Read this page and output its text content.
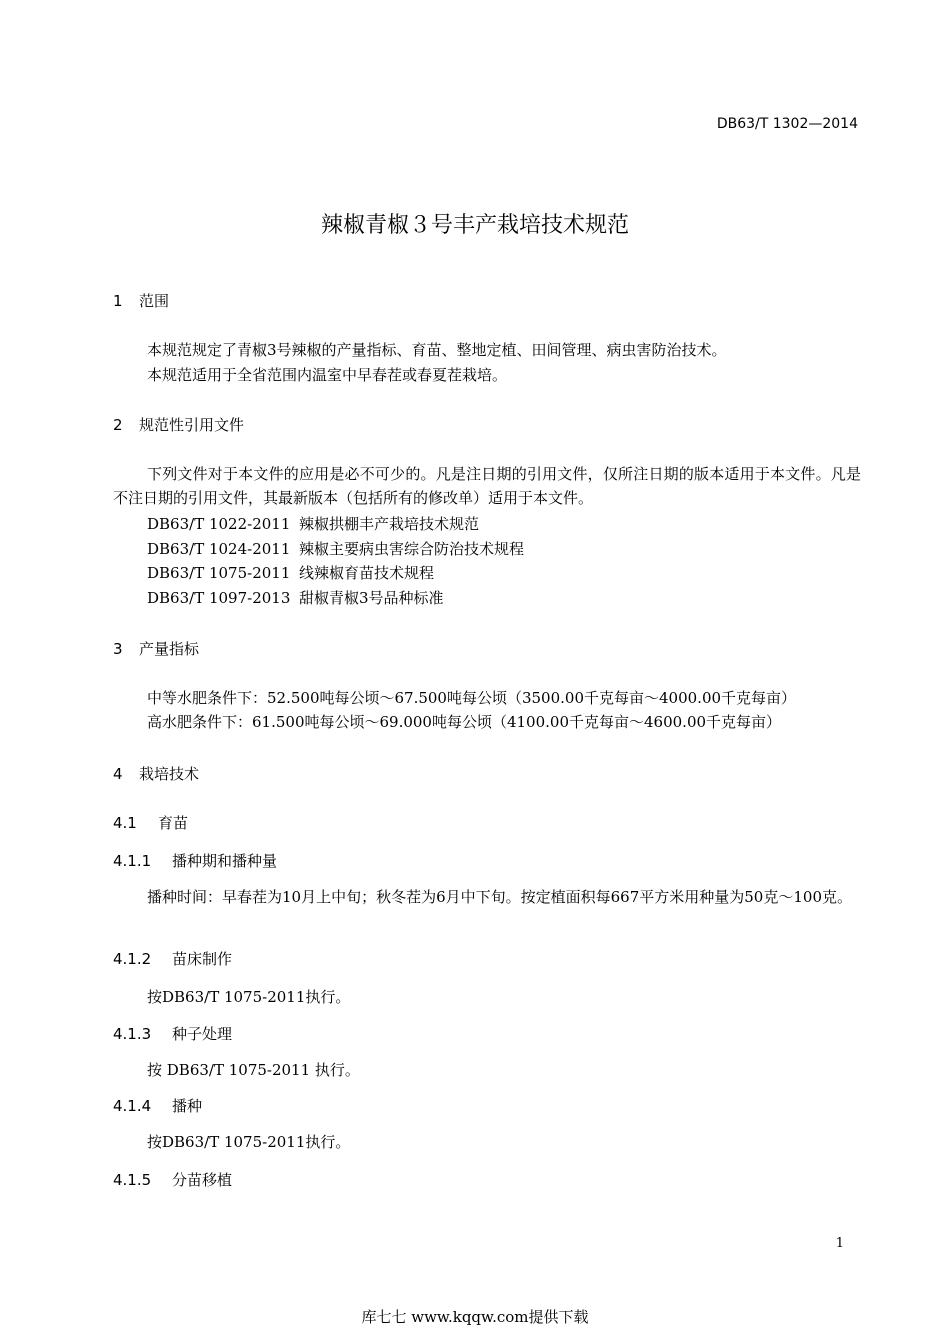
DB63/T 1302—2014
辣椒青椒３号丰产栽培技术规范
1 范围
本规范规定了青椒3号辣椒的产量指标、育苗、整地定植、田间管理、病虫害防治技术。
本规范适用于全省范围内温室中早春茬或春夏茬栽培。
2 规范性引用文件
下列文件对于本文件的应用是必不可少的。凡是注日期的引用文件，仅所注日期的版本适用于本文件。凡是不注日期的引用文件，其最新版本（包括所有的修改单）适用于本文件。
DB63/T 1022-2011 辣椒拱棚丰产栽培技术规范
DB63/T 1024-2011 辣椒主要病虫害综合防治技术规程
DB63/T 1075-2011 线辣椒育苗技术规程
DB63/T 1097-2013 甜椒青椒3号品种标准
3 产量指标
中等水肥条件下：52.500吨每公顷～67.500吨每公顷（3500.00千克每亩～4000.00千克每亩）
高水肥条件下：61.500吨每公顷～69.000吨每公顷（4100.00千克每亩～4600.00千克每亩）
4 栽培技术
4.1 育苗
4.1.1 播种期和播种量
播种时间：早春茬为10月上中旬；秋冬茬为6月中下旬。按定植面积每667平方米用种量为50克～100克。
4.1.2 苗床制作
按DB63/T 1075-2011执行。
4.1.3 种子处理
按 DB63/T 1075-2011 执行。
4.1.4 播种
按DB63/T 1075-2011执行。
4.1.5 分苗移植
1
库七七 www.kqqw.com提供下载
